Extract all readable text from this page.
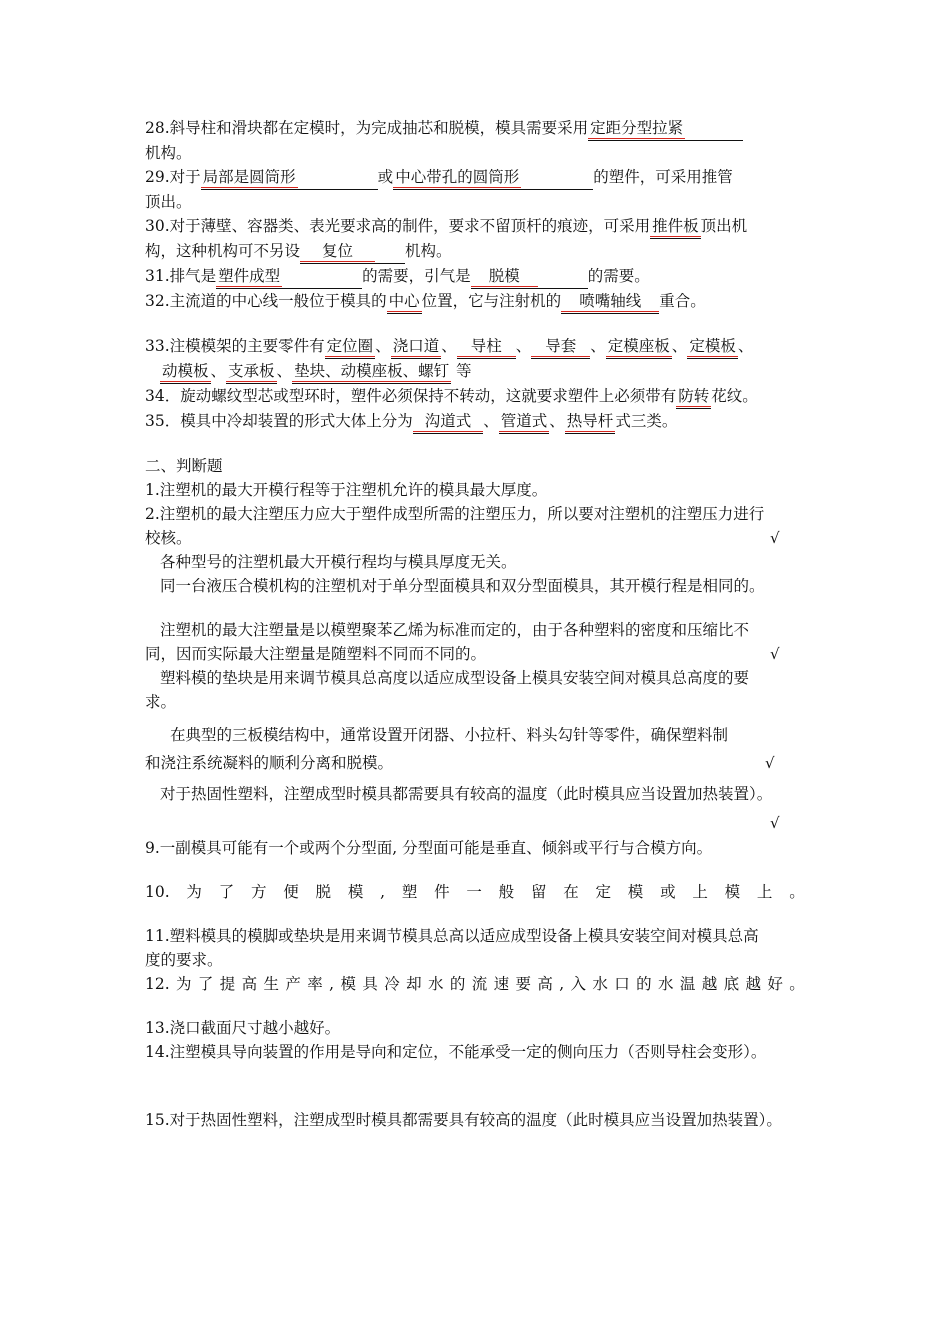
28.斜导柱和滑块都在定模时，为完成抽芯和脱模，模具需要采用 定距分型拉紧
机构。

29.对于 局部是圆筒形	或 中心带孔的圆筒形	的塑件，可采用推管
顶出。

30.对于薄壁、容器类、表光要求高的制件，要求不留顶杆的痕迹，可采用 推件板 顶出机
构，这种机构可不另设 复位	机构。

31.排气是 塑件成型	的需要，引气是 脱模	的需要。

32.主流道的中心线一般位于模具的 中心 位置，它与注射机的 喷嘴轴线 重合。

33.注模模架的主要零件有 定位圈 、 浇口道 、 导柱 、 导套 、 定模座板 、 定模板 、
动模板 、 支承板 、 垫块、动模座板、螺钉 等

34．旋动螺纹型芯或型环时，塑件必须保持不转动，这就要求塑件上必须带有 防转 花纹。

35．模具中冷却装置的形式大体上分为 沟道式 、 管道式 、 热导杆 式三类。

二、判断题

1.注塑机的最大开模行程等于注塑机允许的模具最大厚度。

2.注塑机的最大注塑压力应大于塑件成型所需的注塑压力，所以要对注塑机的注塑压力进行
校核。	√

各种型号的注塑机最大开模行程均与模具厚度无关。

同一台液压合模机构的注塑机对于单分型面模具和双分型面模具，其开模行程是相同的。

注塑机的最大注塑量是以模塑聚苯乙烯为标准而定的，由于各种塑料的密度和压缩比不
同，因而实际最大注塑量是随塑料不同而不同的。	√

塑料模的垫块是用来调节模具总高度以适应成型设备上模具安装空间对模具总高度的要
求。

在典型的三板模结构中，通常设置开闭器、小拉杆、料头勾针等零件，确保塑料制
和浇注系统凝料的顺利分离和脱模。	√

对于热固性塑料，注塑成型时模具都需要具有较高的温度（此时模具应当设置加热装置）。

√

9.一副模具可能有一个或两个分型面, 分型面可能是垂直、倾斜或平行与合模方向。

10. 为 了 方 便 脱 模 , 塑 件 一 般 留 在 定 模 或 上 模 上 。

11.塑料模具的模脚或垫块是用来调节模具总高以适应成型设备上模具安装空间对模具总高
度的要求。

12. 为 了 提 高 生 产 率 , 模 具 冷 却 水 的 流 速 要 高 , 入 水 口 的 水 温 越 底 越 好 。

13.浇口截面尺寸越小越好。

14.注塑模具导向装置的作用是导向和定位，不能承受一定的侧向压力（否则导柱会变形）。

15.对于热固性塑料，注塑成型时模具都需要具有较高的温度（此时模具应当设置加热装置）。
